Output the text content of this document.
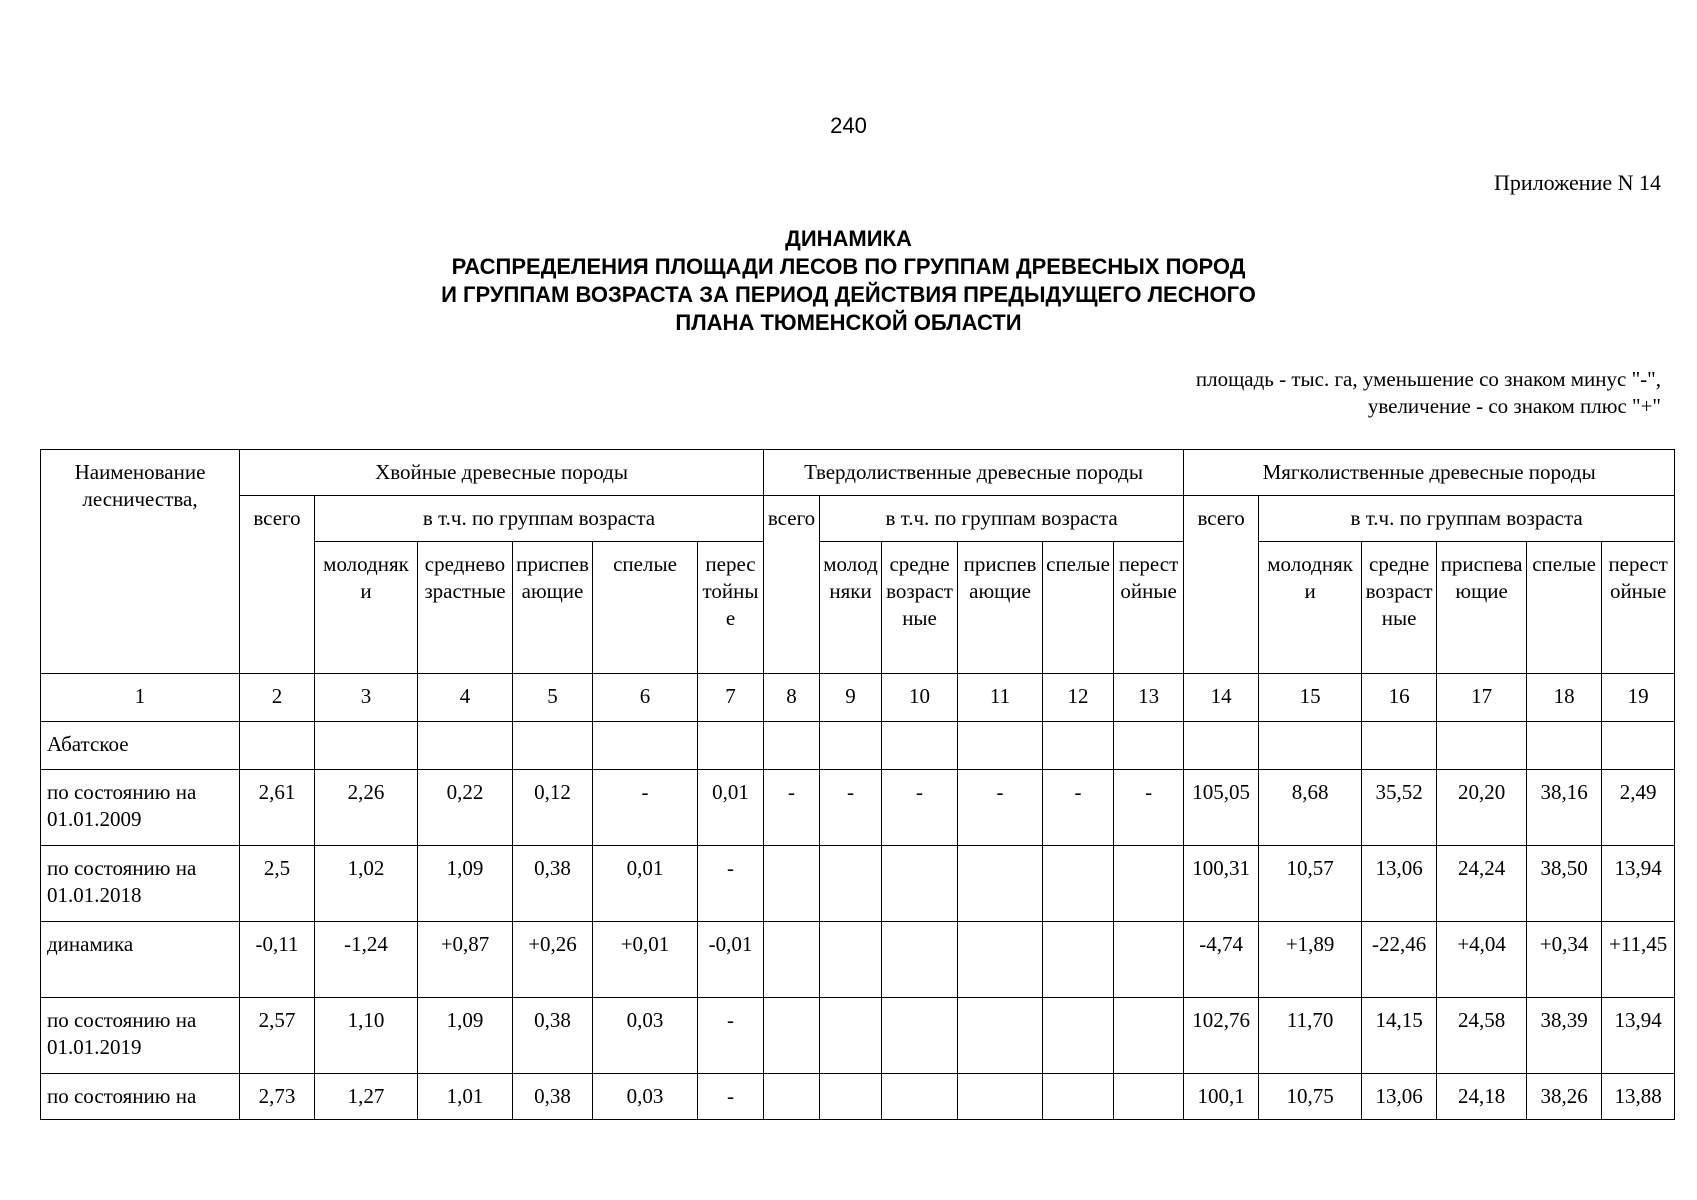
240
Приложение N 14
ДИНАМИКА
РАСПРЕДЕЛЕНИЯ ПЛОЩАДИ ЛЕСОВ ПО ГРУППАМ ДРЕВЕСНЫХ ПОРОД
И ГРУППАМ ВОЗРАСТА ЗА ПЕРИОД ДЕЙСТВИЯ ПРЕДЫДУЩЕГО ЛЕСНОГО
ПЛАНА ТЮМЕНСКОЙ ОБЛАСТИ
площадь - тыс. га, уменьшение со знаком минус "-",
увеличение - со знаком плюс "+"
Наименование лесничества,	Хвойные древесные породы						Твердолиственные древесные породы						Мягколиственные древесные породы					
	всего	в т.ч. по группам возраста					всего	в т.ч. по группам возраста					всего	в т.ч. по группам возраста				
		молодняки	средневозрастные	приспевающие	спелые	перестойные		молодняки	средневозрастные	приспевающие	спелые	перестойные		молодняки	средневозрастные	приспевающие	спелые	перестойные
1	2	3	4	5	6	7	8	9	10	11	12	13	14	15	16	17	18	19
Абатское																		
по состоянию на 01.01.2009	2,61	2,26	0,22	0,12	-	0,01	-	-	-	-	-	-	105,05	8,68	35,52	20,20	38,16	2,49
по состоянию на 01.01.2018	2,5	1,02	1,09	0,38	0,01	-							100,31	10,57	13,06	24,24	38,50	13,94
динамика	-0,11	-1,24	+0,87	+0,26	+0,01	-0,01							-4,74	+1,89	-22,46	+4,04	+0,34	+11,45
по состоянию на 01.01.2019	2,57	1,10	1,09	0,38	0,03	-							102,76	11,70	14,15	24,58	38,39	13,94
по состоянию на	2,73	1,27	1,01	0,38	0,03	-							100,1	10,75	13,06	24,18	38,26	13,88
